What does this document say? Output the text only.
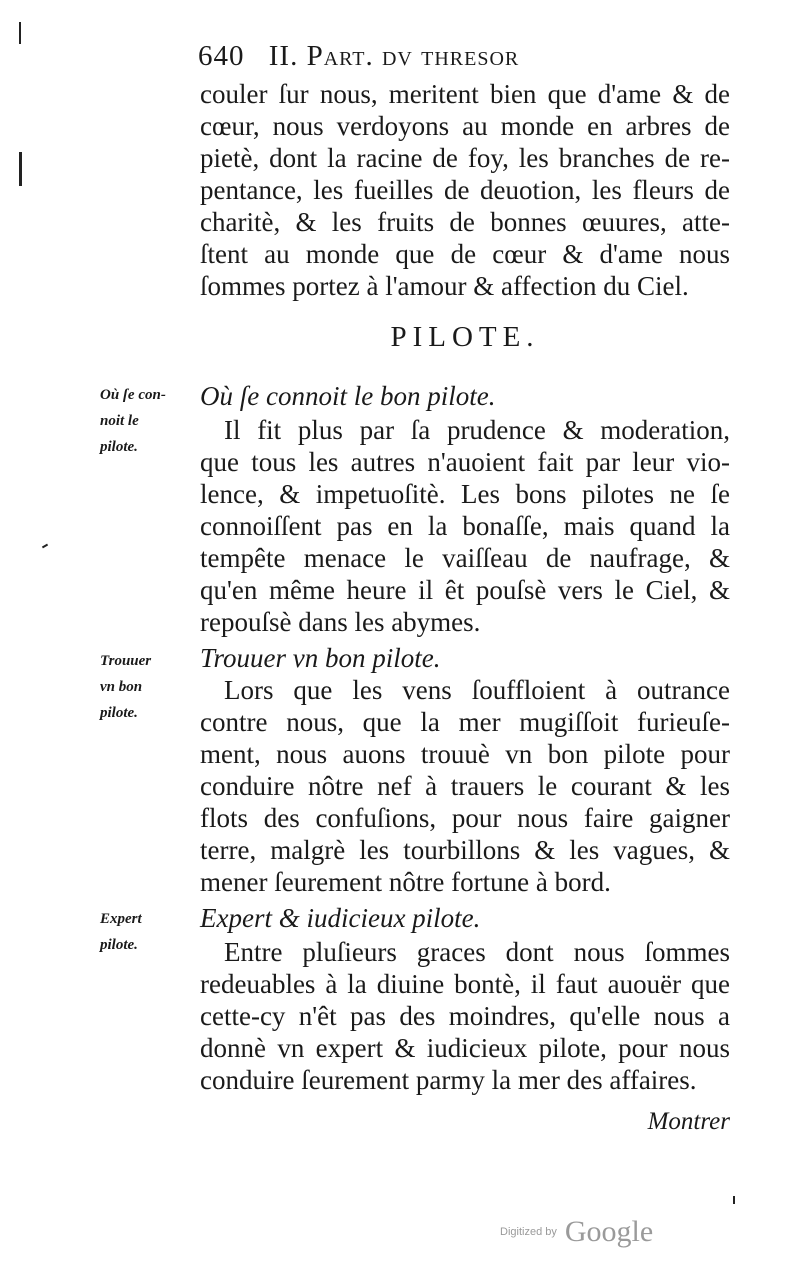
640 II. Part. dv thresor
couler ſur nous, meritent bien que d'ame & de
cœur, nous verdoyons au monde en arbres de
pietè, dont la racine de foy, les branches de re-
pentance, les fueilles de deuotion, les fleurs de
charitè, & les fruits de bonnes œuures, atte-
ſtent au monde que de cœur & d'ame nous
ſommes portez à l'amour & affection du Ciel.
PILOTE.
Où ſe con-
noit le
pilote.
Où ſe connoit le bon pilote.
Il fit plus par ſa prudence & moderation,
que tous les autres n'auoient fait par leur vio-
lence, & impetuoſitè. Les bons pilotes ne ſe
connoiſſent pas en la bonaſſe, mais quand la
tempête menace le vaiſſeau de naufrage, &
qu'en même heure il êt pouſsè vers le Ciel, &
repouſsè dans les abymes.
Trouuer
vn bon
pilote.
Trouuer vn bon pilote.
Lors que les vens ſouffloient à outrance
contre nous, que la mer mugiſſoit furieuſe-
ment, nous auons trouuè vn bon pilote pour
conduire nôtre nef à trauers le courant & les
flots des confuſions, pour nous faire gaigner
terre, malgrè les tourbillons & les vagues, &
mener ſeurement nôtre fortune à bord.
Expert
pilote.
Expert & iudicieux pilote.
Entre pluſieurs graces dont nous ſommes
redeuables à la diuine bontè, il faut auouër que
cette-cy n'êt pas des moindres, qu'elle nous a
donnè vn expert & iudicieux pilote, pour nous
conduire ſeurement parmy la mer des affaires.
Montrer
Digitized by Google
